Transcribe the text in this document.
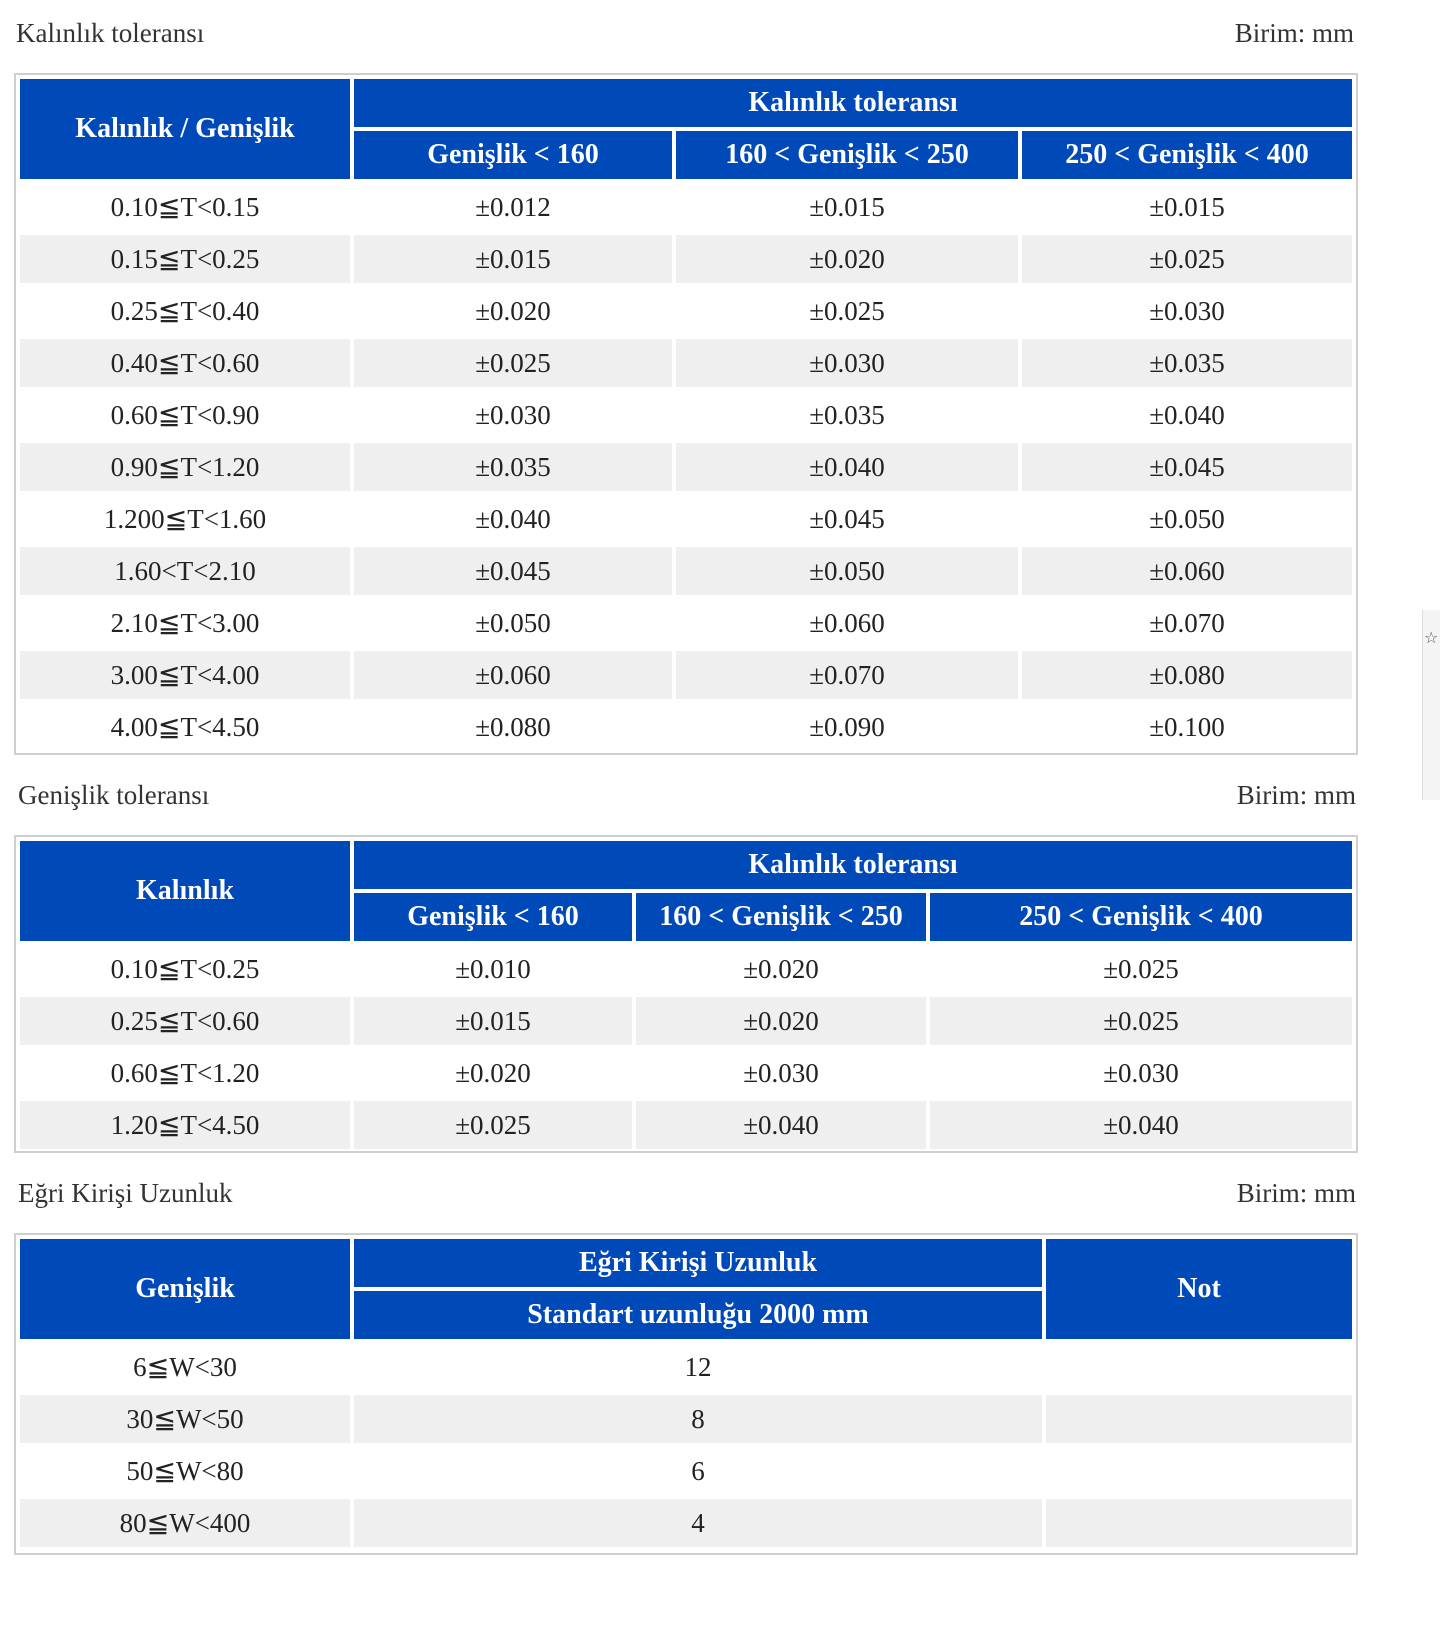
Kalınlık toleransı	Birim: mm
Kalınlık / Genişlik	Kalınlık toleransı		
	Genişlik < 160	160 < Genişlik < 250	250 < Genişlik < 400
0.10≦T<0.15	±0.012	±0.015	±0.015
0.15≦T<0.25	±0.015	±0.020	±0.025
0.25≦T<0.40	±0.020	±0.025	±0.030
0.40≦T<0.60	±0.025	±0.030	±0.035
0.60≦T<0.90	±0.030	±0.035	±0.040
0.90≦T<1.20	±0.035	±0.040	±0.045
1.200≦T<1.60	±0.040	±0.045	±0.050
1.60<T<2.10	±0.045	±0.050	±0.060
2.10≦T<3.00	±0.050	±0.060	±0.070
3.00≦T<4.00	±0.060	±0.070	±0.080
4.00≦T<4.50	±0.080	±0.090	±0.100
Genişlik toleransı	Birim: mm
Kalınlık	Kalınlık toleransı		
	Genişlik < 160	160 < Genişlik < 250	250 < Genişlik < 400
0.10≦T<0.25	±0.010	±0.020	±0.025
0.25≦T<0.60	±0.015	±0.020	±0.025
0.60≦T<1.20	±0.020	±0.030	±0.030
1.20≦T<4.50	±0.025	±0.040	±0.040
Eğri Kirişi Uzunluk	Birim: mm
Genişlik	Eğri Kirişi Uzunluk	Not
	Standart uzunluğu 2000 mm	
6≦W<30	12	
30≦W<50	8	
50≦W<80	6	
80≦W<400	4	
☆
